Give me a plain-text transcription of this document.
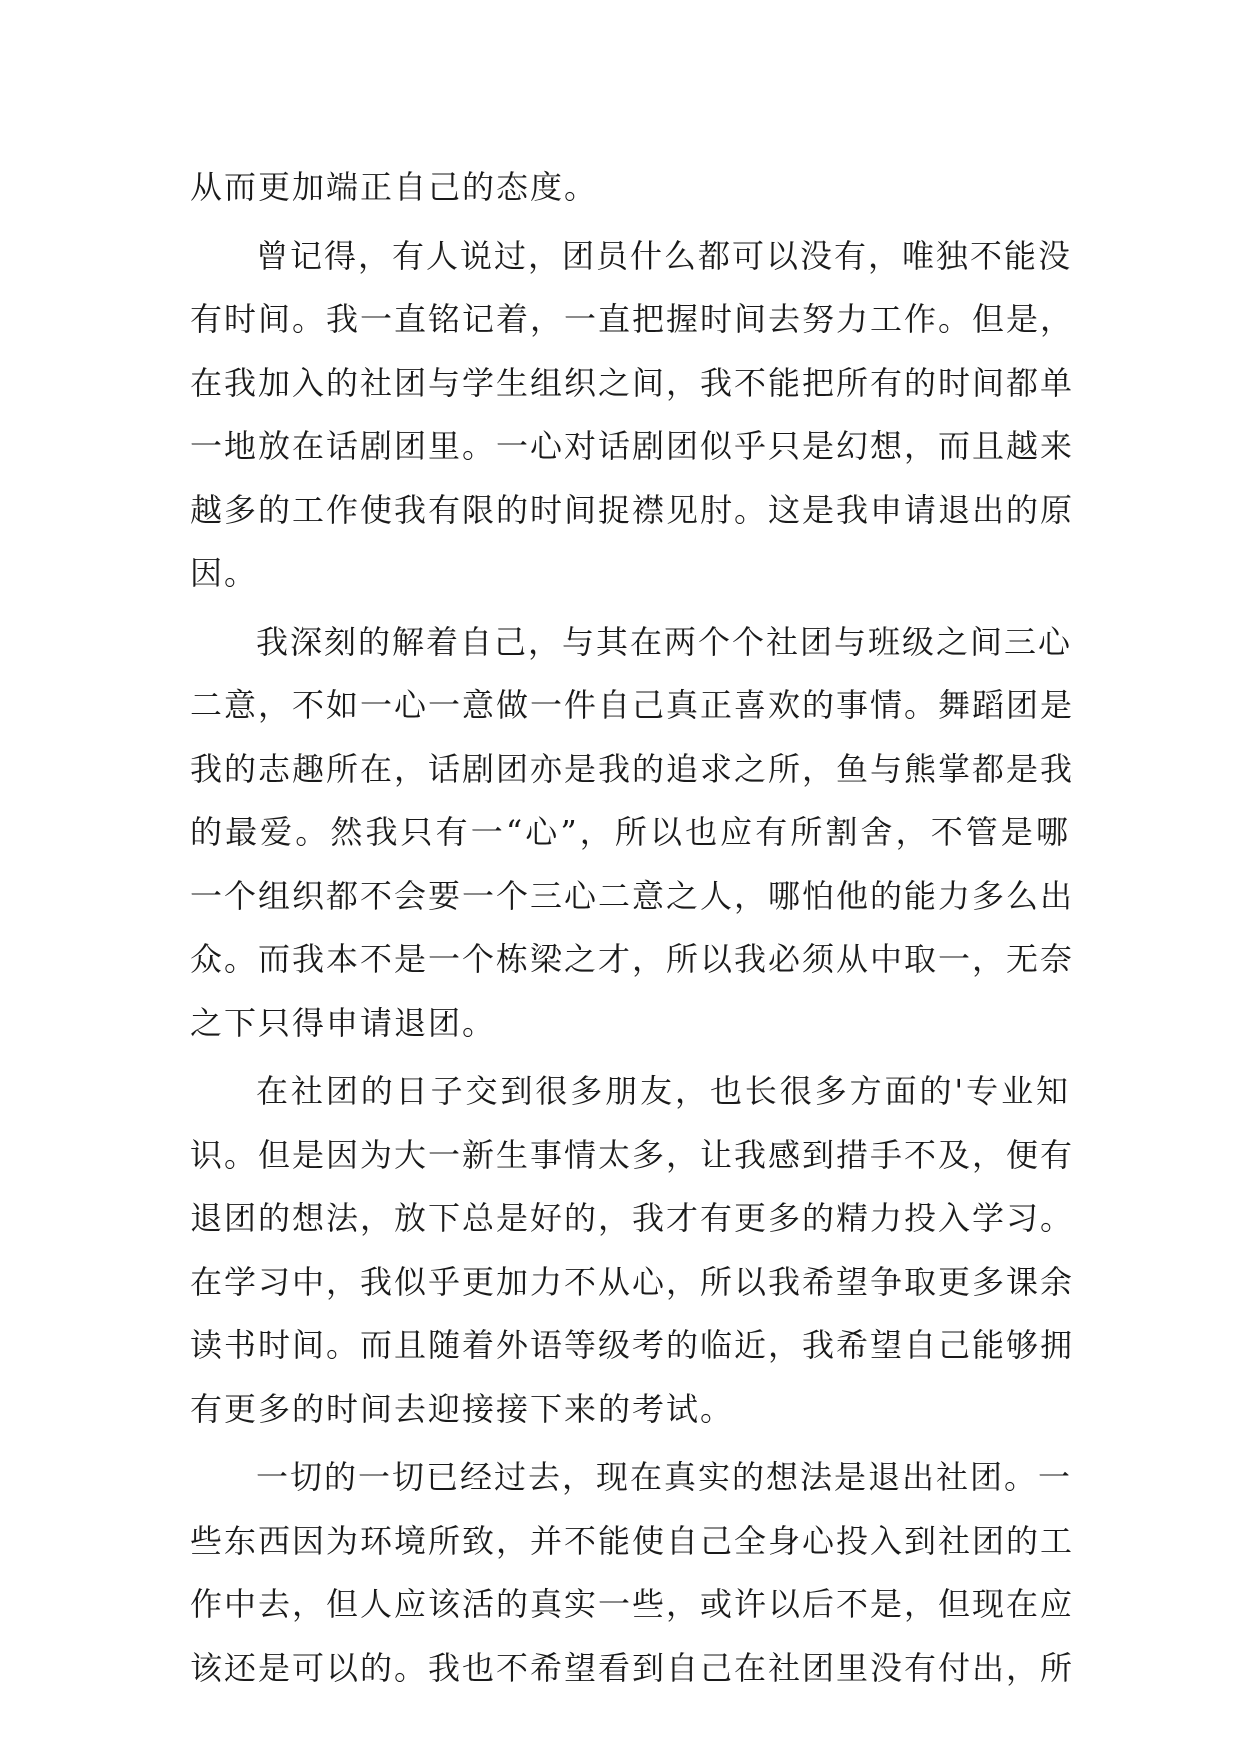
从而更加端正自己的态度。
曾记得，有人说过，团员什么都可以没有，唯独不能没
有时间。我一直铭记着，一直把握时间去努力工作。但是，
在我加入的社团与学生组织之间，我不能把所有的时间都单
一地放在话剧团里。一心对话剧团似乎只是幻想，而且越来
越多的工作使我有限的时间捉襟见肘。这是我申请退出的原
因。
我深刻的解着自己，与其在两个个社团与班级之间三心
二意，不如一心一意做一件自己真正喜欢的事情。舞蹈团是
我的志趣所在，话剧团亦是我的追求之所，鱼与熊掌都是我
的最爱。然我只有一“心”，所以也应有所割舍，不管是哪
一个组织都不会要一个三心二意之人，哪怕他的能力多么出
众。而我本不是一个栋梁之才，所以我必须从中取一，无奈
之下只得申请退团。
在社团的日子交到很多朋友，也长很多方面的'专业知
识。但是因为大一新生事情太多，让我感到措手不及，便有
退团的想法，放下总是好的，我才有更多的精力投入学习。
在学习中，我似乎更加力不从心，所以我希望争取更多课余
读书时间。而且随着外语等级考的临近，我希望自己能够拥
有更多的时间去迎接接下来的考试。
一切的一切已经过去，现在真实的想法是退出社团。一
些东西因为环境所致，并不能使自己全身心投入到社团的工
作中去，但人应该活的真实一些，或许以后不是，但现在应
该还是可以的。我也不希望看到自己在社团里没有付出，所
